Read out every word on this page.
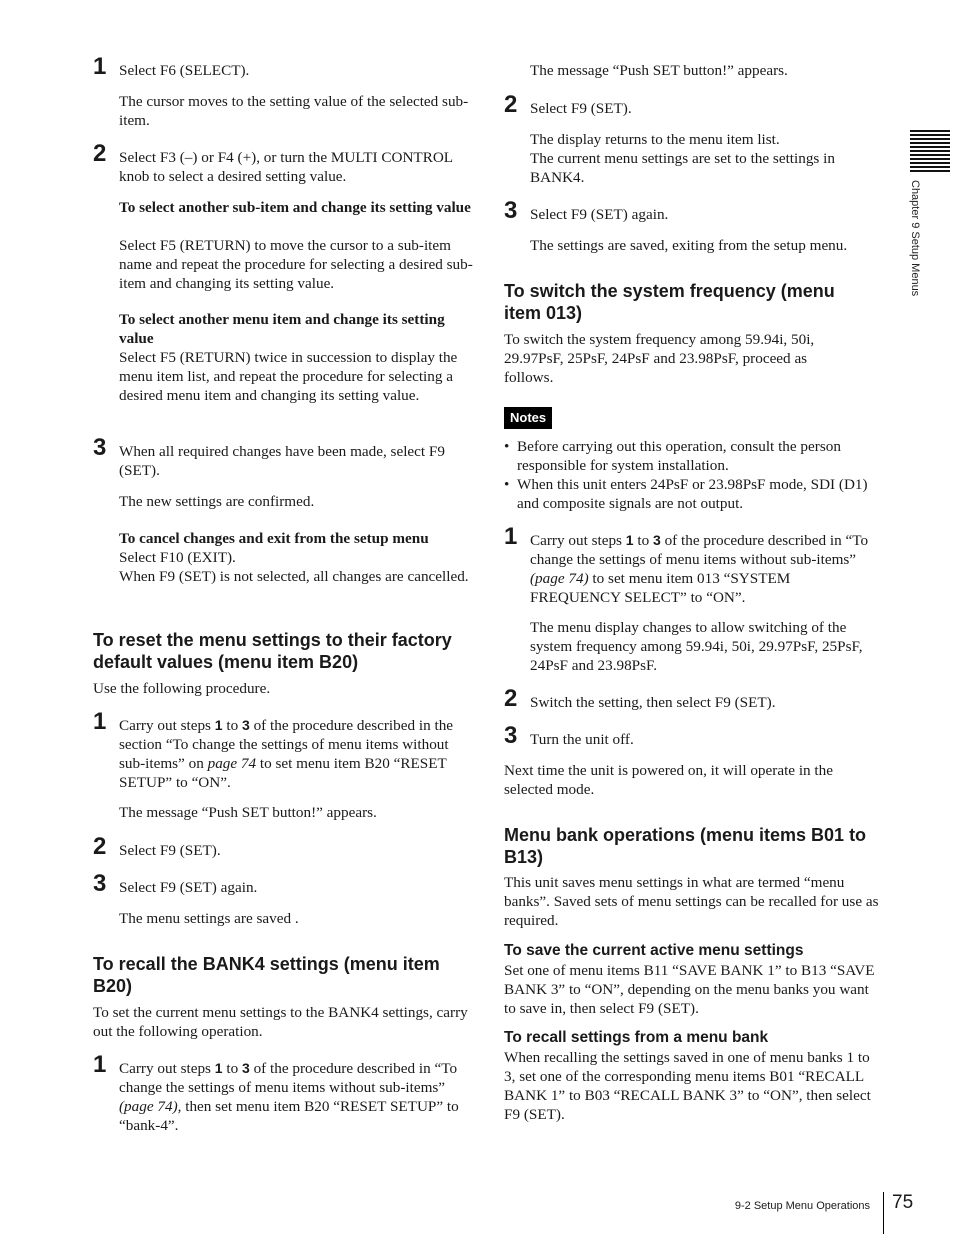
Chapter 9 Setup Menus
1 Select F6 (SELECT).

The cursor moves to the setting value of the selected sub-item.

2 Select F3 (–) or F4 (+), or turn the MULTI CONTROL knob to select a desired setting value.

To select another sub-item and change its setting value

Select F5 (RETURN) to move the cursor to a sub-item name and repeat the procedure for selecting a desired sub-item and changing its setting value.

To select another menu item and change its setting value

Select F5 (RETURN) twice in succession to display the menu item list, and repeat the procedure for selecting a desired menu item and changing its setting value.

3 When all required changes have been made, select F9 (SET).

The new settings are confirmed.

To cancel changes and exit from the setup menu

Select F10 (EXIT).

When F9 (SET) is not selected, all changes are cancelled.

To reset the menu settings to their factory default values (menu item B20)

Use the following procedure.

1 Carry out steps 1 to 3 of the procedure described in the section “To change the settings of menu items without sub-items” on page 74 to set menu item B20 “RESET SETUP” to “ON”.

The message “Push SET button!” appears.

2 Select F9 (SET).

3 Select F9 (SET) again.

The menu settings are saved .

To recall the BANK4 settings (menu item B20)

To set the current menu settings to the BANK4 settings, carry out the following operation.

1 Carry out steps 1 to 3 of the procedure described in “To change the settings of menu items without sub-items” (page 74), then set menu item B20 “RESET SETUP” to “bank-4”.

The message “Push SET button!” appears.

2 Select F9 (SET).

The display returns to the menu item list.

The current menu settings are set to the settings in BANK4.

3 Select F9 (SET) again.

The settings are saved, exiting from the setup menu.

To switch the system frequency (menu item 013)

To switch the system frequency among 59.94i, 50i, 29.97PsF, 25PsF, 24PsF and 23.98PsF, proceed as follows.

Notes
• Before carrying out this operation, consult the person responsible for system installation.
• When this unit enters 24PsF or 23.98PsF mode, SDI (D1) and composite signals are not output.
1 Carry out steps 1 to 3 of the procedure described in “To change the settings of menu items without sub-items” (page 74) to set menu item 013 “SYSTEM FREQUENCY SELECT” to “ON”.

The menu display changes to allow switching of the system frequency among 59.94i, 50i, 29.97PsF, 25PsF, 24PsF and 23.98PsF.

2 Switch the setting, then select F9 (SET).

3 Turn the unit off.

Next time the unit is powered on, it will operate in the selected mode.

Menu bank operations (menu items B01 to B13)

This unit saves menu settings in what are termed “menu banks”. Saved sets of menu settings can be recalled for use as required.

To save the current active menu settings

Set one of menu items B11 “SAVE BANK 1” to B13 “SAVE BANK 3” to “ON”, depending on the menu banks you want to save in, then select F9 (SET).

To recall settings from a menu bank

When recalling the settings saved in one of menu banks 1 to 3, set one of the corresponding menu items B01 “RECALL BANK 1” to B03 “RECALL BANK 3” to “ON”, then select F9 (SET).

9-2 Setup Menu Operations 75
